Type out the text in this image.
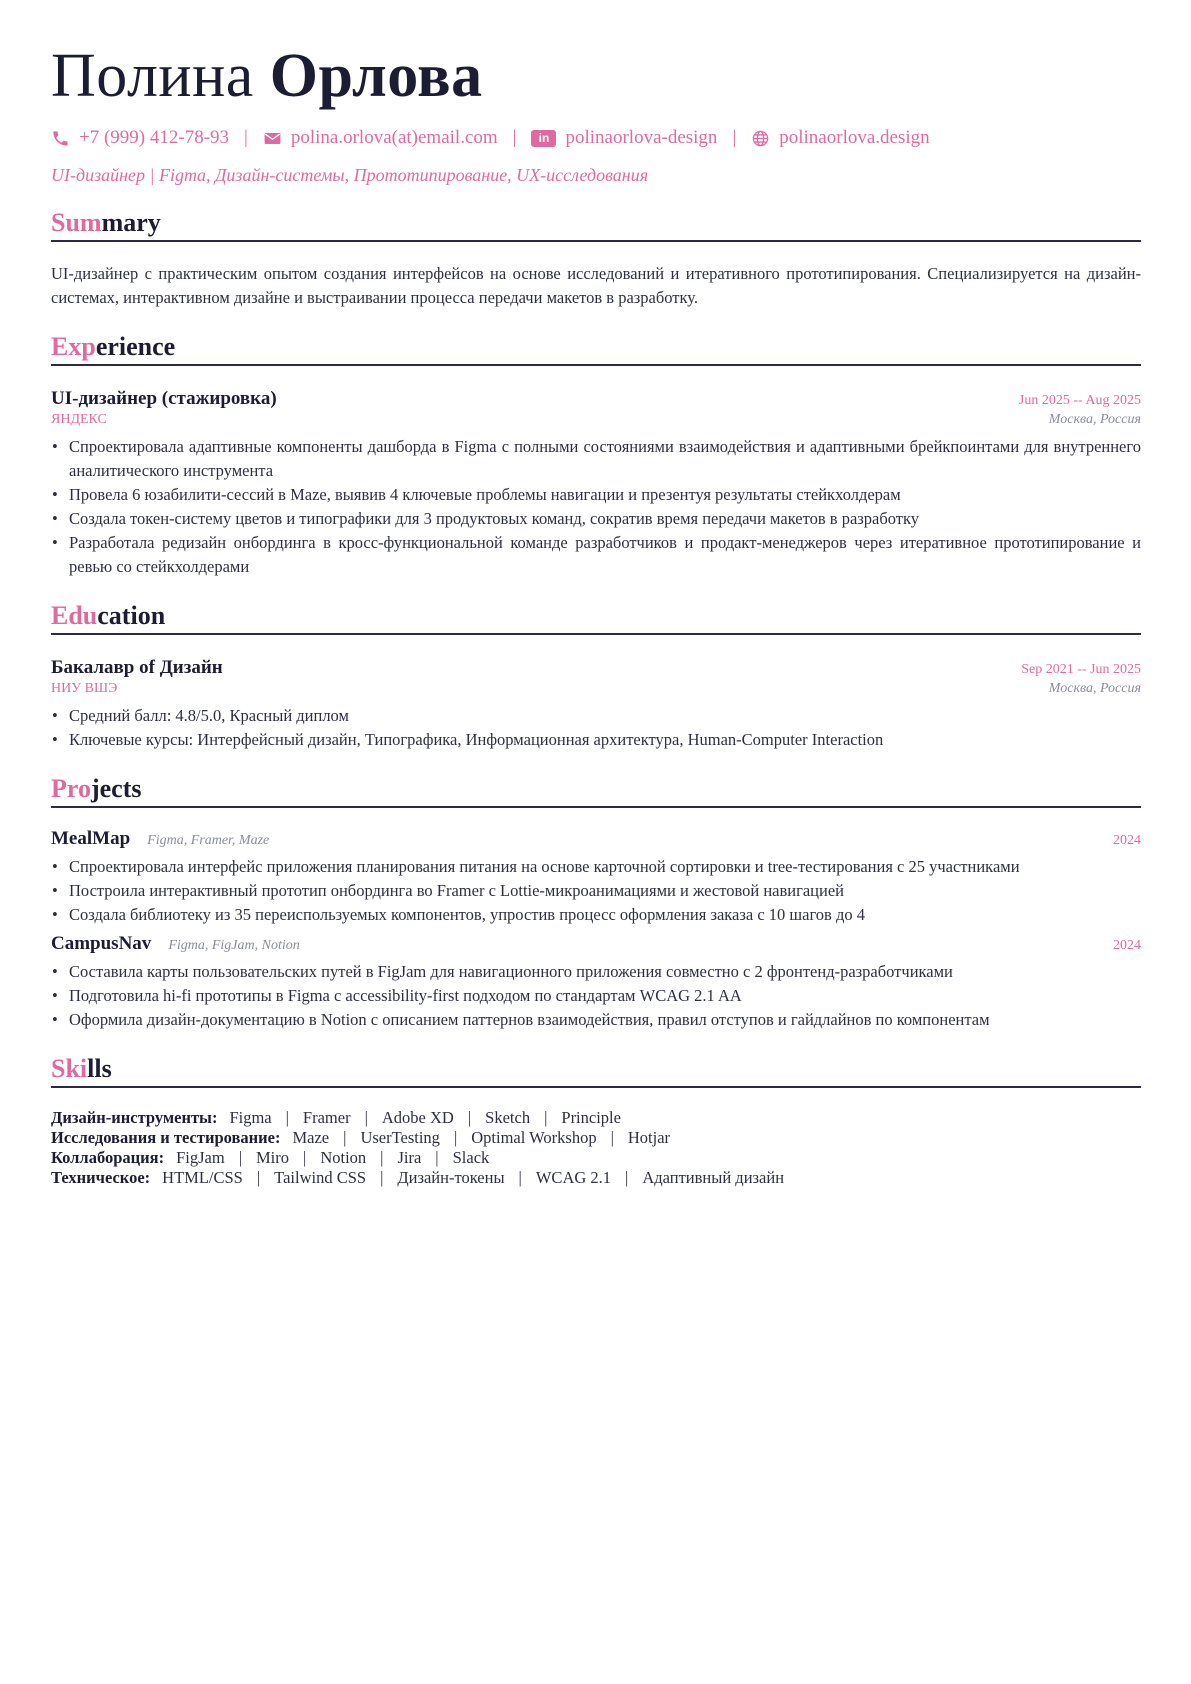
Полина Орлова
+7 (999) 412-78-93 | polina.orlova(at)email.com |	in polinaorlova-design | polinaorlova.design
UI-дизайнер | Figma, Дизайн-системы, Прототипирование, UX-исследования
Summary
UI-дизайнер с практическим опытом создания интерфейсов на основе исследований и итеративного прототипирования. Специализируется на дизайн-системах, интерактивном дизайне и выстраивании процесса передачи макетов в разработку.
Experience
UI-дизайнер (стажировка)	Jun 2025 -- Aug 2025
ЯНДЕКС	Москва, Россия
• Спроектировала адаптивные компоненты дашборда в Figma с полными состояниями взаимодействия и адаптивными брейкпоинтами для внутреннего аналитического инструмента
• Провела 6 юзабилити-сессий в Maze, выявив 4 ключевые проблемы навигации и презентуя результаты стейкхолдерам
• Создала токен-систему цветов и типографики для 3 продуктовых команд, сократив время передачи макетов в разработку
• Разработала редизайн онбординга в кросс-функциональной команде разработчиков и продакт-менеджеров через итеративное прототипирование и ревью со стейкхолдерами
Education
Бакалавр of Дизайн	Sep 2021 -- Jun 2025
НИУ ВШЭ	Москва, Россия
• Средний балл: 4.8/5.0, Красный диплом
• Ключевые курсы: Интерфейсный дизайн, Типографика, Информационная архитектура, Human-Computer Interaction
Projects
MealMap Figma, Framer, Maze	2024
• Спроектировала интерфейс приложения планирования питания на основе карточной сортировки и tree-тестирования с 25 участниками
• Построила интерактивный прототип онбординга во Framer с Lottie-микроанимациями и жестовой навигацией
• Создала библиотеку из 35 переиспользуемых компонентов, упростив процесс оформления заказа с 10 шагов до 4
CampusNav Figma, FigJam, Notion	2024
• Составила карты пользовательских путей в FigJam для навигационного приложения совместно с 2 фронтенд-разработчиками
• Подготовила hi-fi прототипы в Figma с accessibility-first подходом по стандартам WCAG 2.1 AA
• Оформила дизайн-документацию в Notion с описанием паттернов взаимодействия, правил отступов и гайдлайнов по компонентам
Skills
Дизайн-инструменты: Figma | Framer | Adobe XD | Sketch | Principle
Исследования и тестирование: Maze | UserTesting | Optimal Workshop | Hotjar
Коллаборация: FigJam | Miro | Notion | Jira | Slack
Техническое: HTML/CSS | Tailwind CSS | Дизайн-токены | WCAG 2.1 | Адаптивный дизайн
